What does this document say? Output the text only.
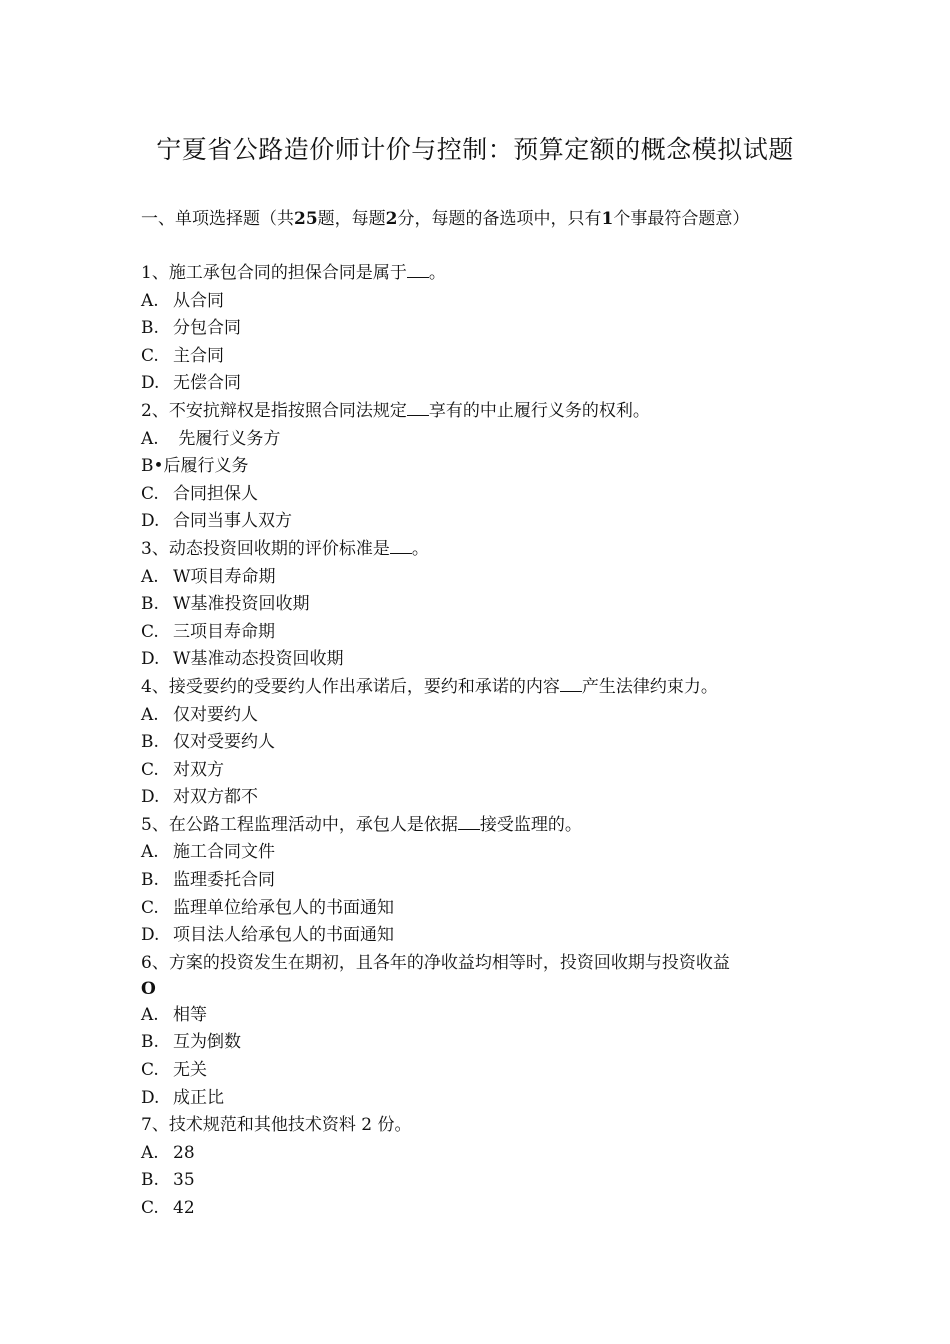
宁夏省公路造价师计价与控制：预算定额的概念模拟试题
一、单项选择题（共25题，每题2分，每题的备选项中，只有1个事最符合题意）
1、施工承包合同的担保合同是属于 。
A. 从合同
B. 分包合同
C. 主合同
D. 无偿合同
2、不安抗辩权是指按照合同法规定 享有的中止履行义务的权利。
A. 先履行义务方
B•后履行义务
C. 合同担保人
D. 合同当事人双方
3、动态投资回收期的评价标准是 。
A. W项目寿命期
B. W基准投资回收期
C. 三项目寿命期
D. W基准动态投资回收期
4、接受要约的受要约人作出承诺后，要约和承诺的内容 产生法律约束力。
A. 仅对要约人
B. 仅对受要约人
C. 对双方
D. 对双方都不
5、在公路工程监理活动中，承包人是依据 接受监理的。
A. 施工合同文件
B. 监理委托合同
C. 监理单位给承包人的书面通知
D. 项目法人给承包人的书面通知
6、方案的投资发生在期初，且各年的净收益均相等时，投资回收期与投资收益
O
A. 相等
B. 互为倒数
C. 无关
D. 成正比
7、技术规范和其他技术资料 2 份。
A. 28
B. 35
C. 42
